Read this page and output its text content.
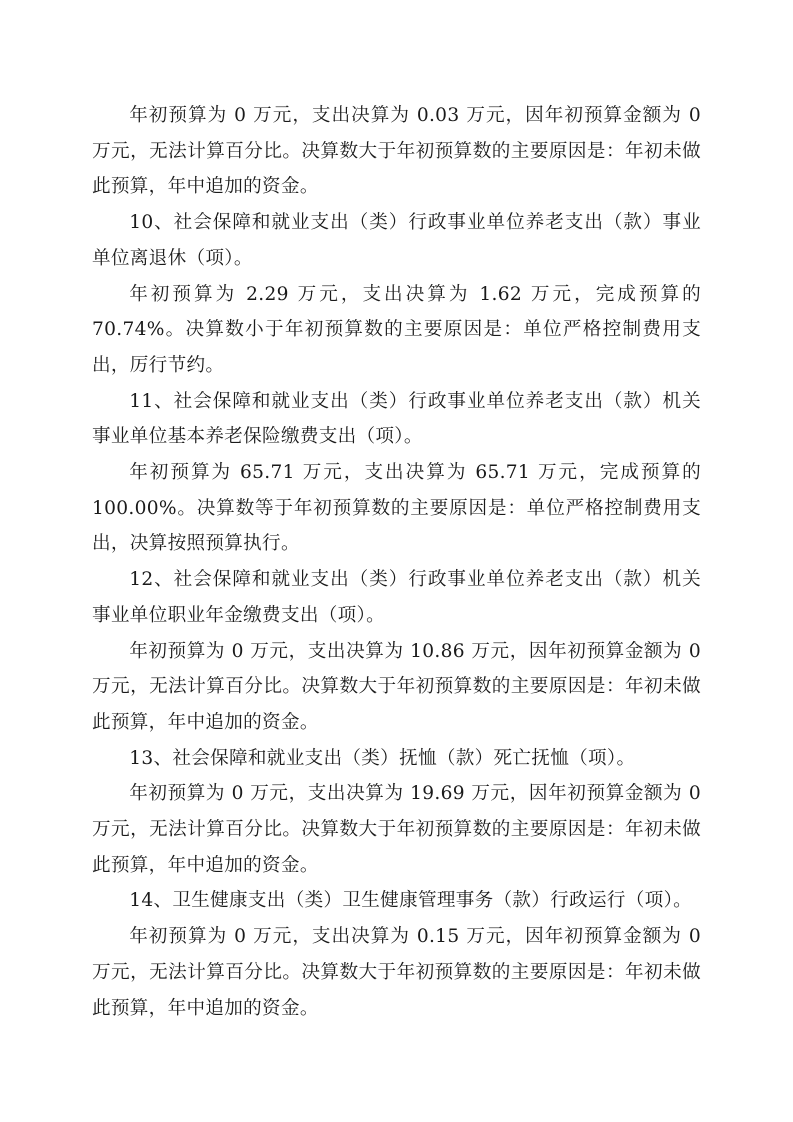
年初预算为 0 万元，支出决算为 0.03 万元，因年初预算金额为 0 万元，无法计算百分比。决算数大于年初预算数的主要原因是：年初未做此预算，年中追加的资金。

10、社会保障和就业支出（类）行政事业单位养老支出（款）事业单位离退休（项）。

年初预算为 2.29 万元，支出决算为 1.62 万元，完成预算的 70.74%。决算数小于年初预算数的主要原因是：单位严格控制费用支出，厉行节约。

11、社会保障和就业支出（类）行政事业单位养老支出（款）机关事业单位基本养老保险缴费支出（项）。

年初预算为 65.71 万元，支出决算为 65.71 万元，完成预算的 100.00%。决算数等于年初预算数的主要原因是：单位严格控制费用支出，决算按照预算执行。

12、社会保障和就业支出（类）行政事业单位养老支出（款）机关事业单位职业年金缴费支出（项）。

年初预算为 0 万元，支出决算为 10.86 万元，因年初预算金额为 0 万元，无法计算百分比。决算数大于年初预算数的主要原因是：年初未做此预算，年中追加的资金。

13、社会保障和就业支出（类）抚恤（款）死亡抚恤（项）。

年初预算为 0 万元，支出决算为 19.69 万元，因年初预算金额为 0 万元，无法计算百分比。决算数大于年初预算数的主要原因是：年初未做此预算，年中追加的资金。

14、卫生健康支出（类）卫生健康管理事务（款）行政运行（项）。

年初预算为 0 万元，支出决算为 0.15 万元，因年初预算金额为 0 万元，无法计算百分比。决算数大于年初预算数的主要原因是：年初未做此预算，年中追加的资金。
